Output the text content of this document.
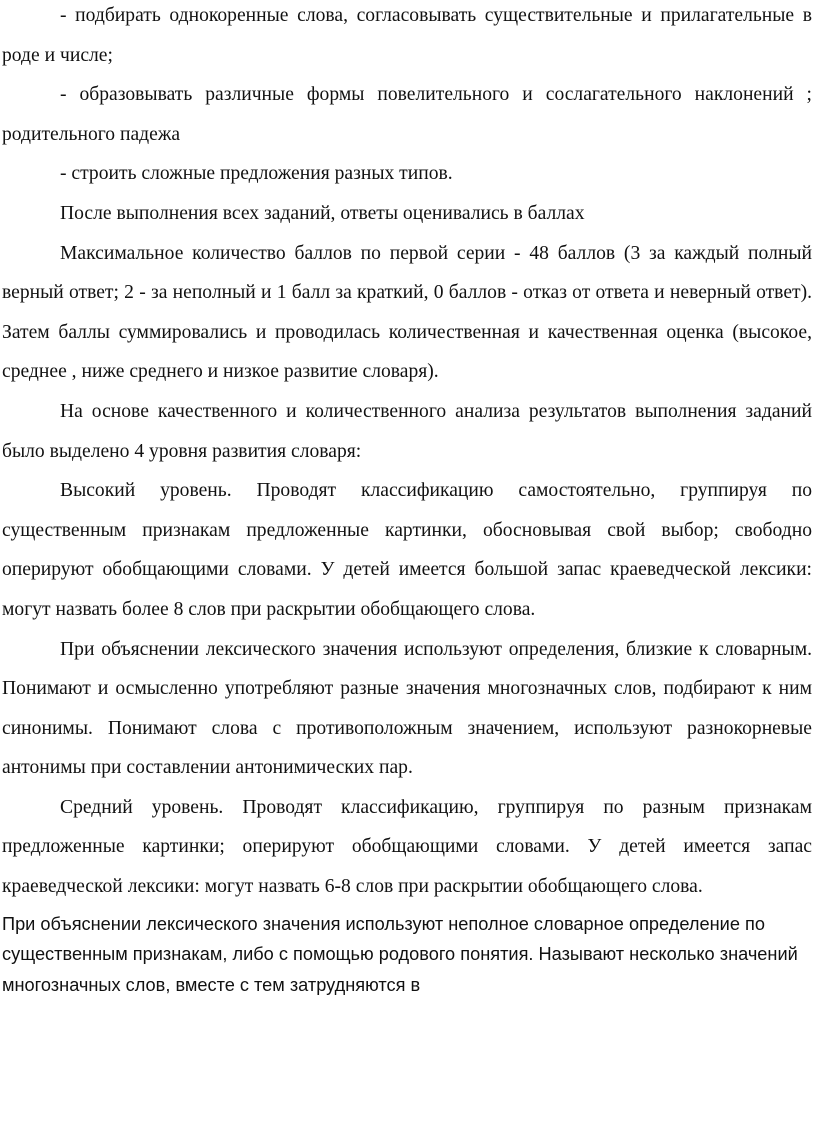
- подбирать однокоренные слова, согласовывать существительные и прилагательные в роде и числе;

- образовывать различные формы повелительного и сослагательного наклонений ; родительного падежа

- строить сложные предложения разных типов.

После выполнения всех заданий, ответы оценивались в баллах

Максимальное количество баллов по первой серии - 48 баллов (3 за каждый полный верный ответ; 2 - за неполный и 1 балл за краткий, 0 баллов - отказ от ответа и неверный ответ). Затем баллы суммировались и проводилась количественная и качественная оценка (высокое, среднее , ниже среднего и низкое развитие словаря).

На основе качественного и количественного анализа результатов выполнения заданий было выделено 4 уровня развития словаря:

Высокий уровень. Проводят классификацию самостоятельно, группируя по существенным признакам предложенные картинки, обосновывая свой выбор; свободно оперируют обобщающими словами. У детей имеется большой запас краеведческой лексики: могут назвать более 8 слов при раскрытии обобщающего слова.

При объяснении лексического значения используют определения, близкие к словарным. Понимают и осмысленно употребляют разные значения многозначных слов, подбирают к ним синонимы. Понимают слова с противоположным значением, используют разнокорневые антонимы при составлении антонимических пар.

Средний уровень. Проводят классификацию, группируя по разным признакам предложенные картинки; оперируют обобщающими словами. У детей имеется запас краеведческой лексики: могут назвать 6-8 слов при раскрытии обобщающего слова.

При объяснении лексического значения используют неполное словарное определение по существенным признакам, либо с помощью родового понятия. Называют несколько значений многозначных слов, вместе с тем затрудняются в
